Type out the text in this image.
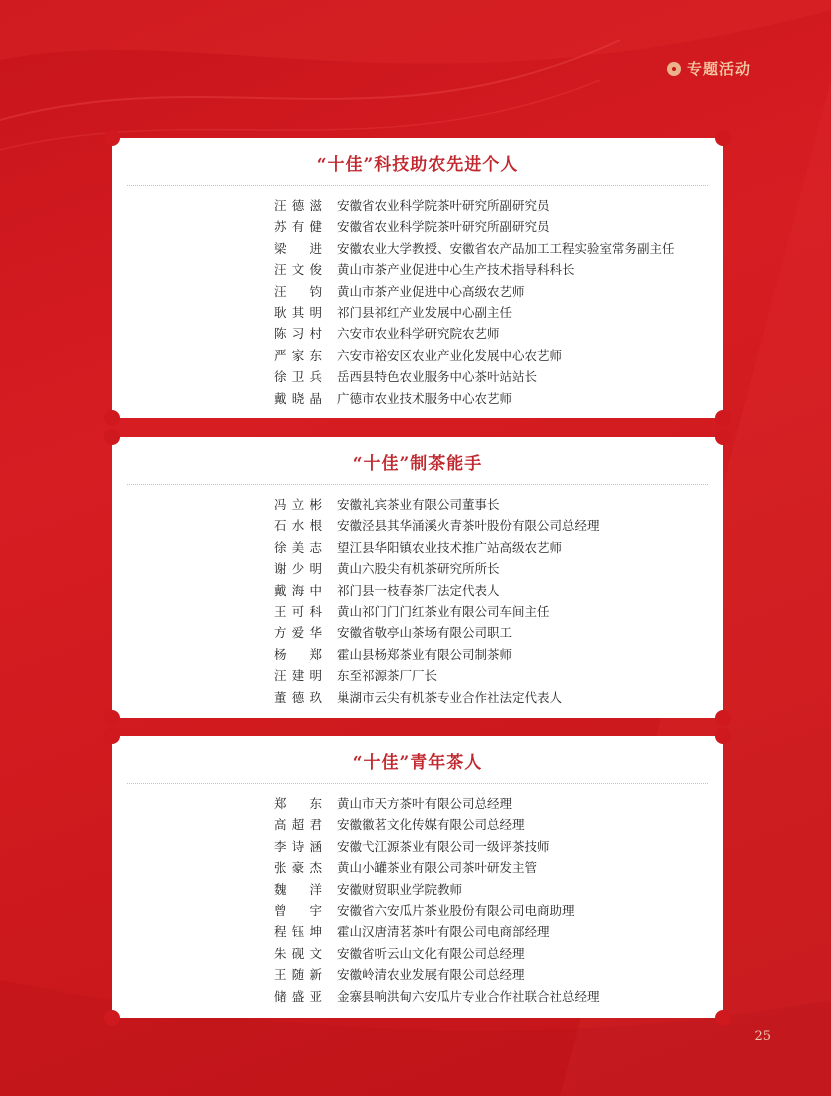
专题活动
“十佳”科技助农先进个人
汪德滋 安徽省农业科学院茶叶研究所副研究员
苏有健 安徽省农业科学院茶叶研究所副研究员
梁　进 安徽农业大学教授、安徽省农产品加工工程实验室常务副主任
汪文俊 黄山市茶产业促进中心生产技术指导科科长
汪　钧 黄山市茶产业促进中心高级农艺师
耿其明 祁门县祁红产业发展中心副主任
陈习村 六安市农业科学研究院农艺师
严家东 六安市裕安区农业产业化发展中心农艺师
徐卫兵 岳西县特色农业服务中心茶叶站站长
戴晓晶 广德市农业技术服务中心农艺师
“十佳”制茶能手
冯立彬 安徽礼宾茶业有限公司董事长
石水根 安徽泾县其华涌溪火青茶叶股份有限公司总经理
徐美志 望江县华阳镇农业技术推广站高级农艺师
谢少明 黄山六股尖有机茶研究所所长
戴海中 祁门县一枝春茶厂法定代表人
王可科 黄山祁门门门红茶业有限公司车间主任
方爱华 安徽省敬亭山茶场有限公司职工
杨　郑 霍山县杨郑茶业有限公司制茶师
汪建明 东至祁源茶厂厂长
董德玖 巢湖市云尖有机茶专业合作社法定代表人
“十佳”青年茶人
郑　东 黄山市天方茶叶有限公司总经理
高超君 安徽徽茗文化传媒有限公司总经理
李诗涵 安徽弋江源茶业有限公司一级评茶技师
张豪杰 黄山小罐茶业有限公司茶叶研发主管
魏　洋 安徽财贸职业学院教师
曾　宇 安徽省六安瓜片茶业股份有限公司电商助理
程钰坤 霍山汉唐清茗茶叶有限公司电商部经理
朱砚文 安徽省听云山文化有限公司总经理
王随新 安徽岭清农业发展有限公司总经理
储盛亚 金寨县响洪甸六安瓜片专业合作社联合社总经理
25
